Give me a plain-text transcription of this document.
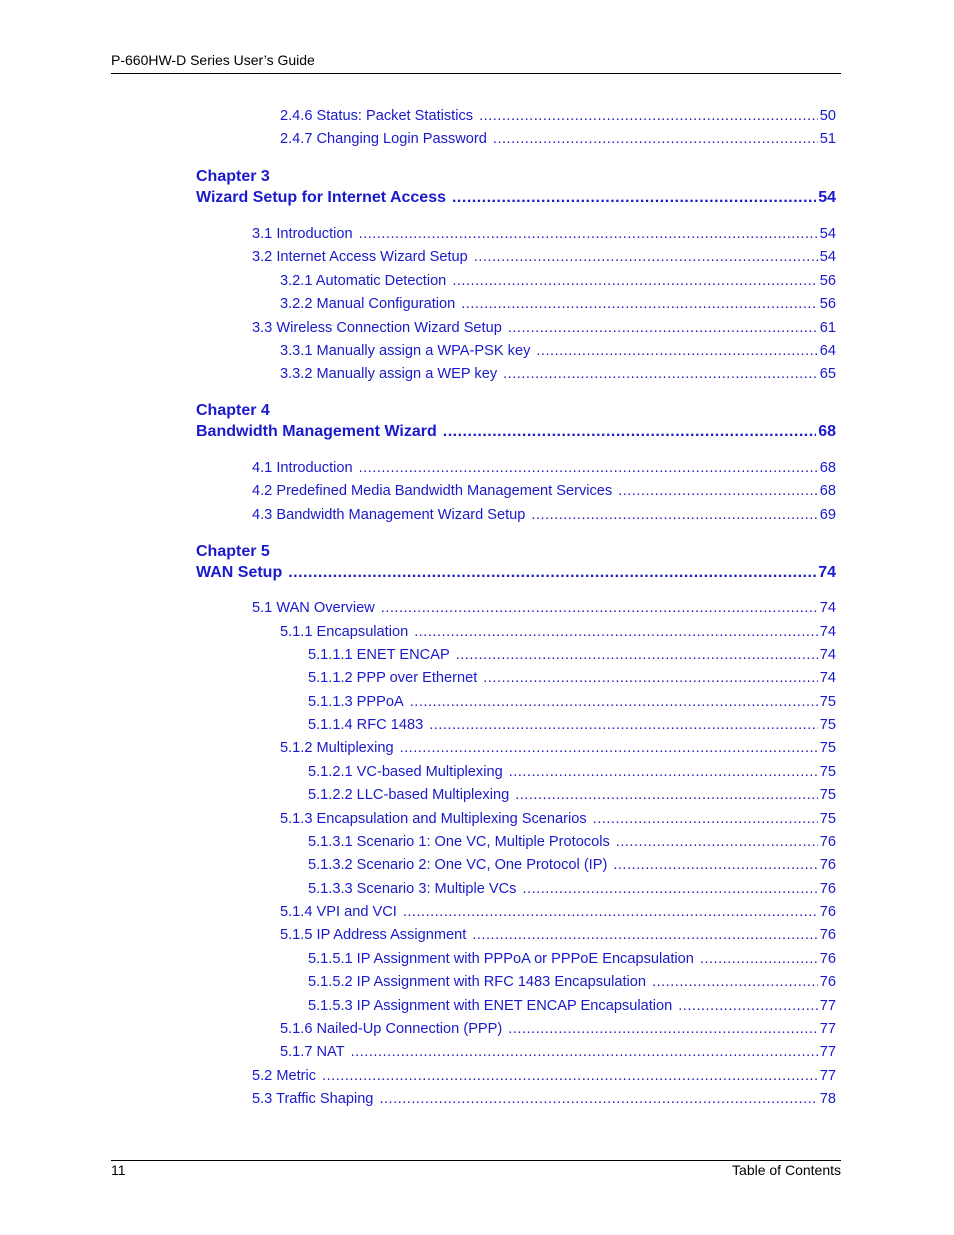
P-660HW-D Series User’s Guide
2.4.6 Status: Packet Statistics .....	50
2.4.7 Changing Login Password .....	51
Chapter 3
Wizard Setup for Internet Access .....	54
3.1 Introduction .....	54
3.2 Internet Access Wizard Setup .....	54
3.2.1 Automatic Detection .....	56
3.2.2 Manual Configuration .....	56
3.3 Wireless Connection Wizard Setup .....	61
3.3.1 Manually assign a WPA-PSK key .....	64
3.3.2 Manually assign a WEP key .....	65
Chapter 4
Bandwidth Management Wizard .....	68
4.1 Introduction .....	68
4.2 Predefined Media Bandwidth Management Services .....	68
4.3 Bandwidth Management Wizard Setup .....	69
Chapter 5
WAN Setup .....	74
5.1 WAN Overview .....	74
5.1.1 Encapsulation .....	74
5.1.1.1 ENET ENCAP .....	74
5.1.1.2 PPP over Ethernet .....	74
5.1.1.3 PPPoA .....	75
5.1.1.4 RFC 1483 .....	75
5.1.2 Multiplexing .....	75
5.1.2.1 VC-based Multiplexing .....	75
5.1.2.2 LLC-based Multiplexing .....	75
5.1.3 Encapsulation and Multiplexing Scenarios .....	75
5.1.3.1 Scenario 1: One VC, Multiple Protocols .....	76
5.1.3.2 Scenario 2: One VC, One Protocol (IP) .....	76
5.1.3.3 Scenario 3: Multiple VCs .....	76
5.1.4 VPI and VCI .....	76
5.1.5 IP Address Assignment .....	76
5.1.5.1 IP Assignment with PPPoA or PPPoE Encapsulation .....	76
5.1.5.2 IP Assignment with RFC 1483 Encapsulation .....	76
5.1.5.3 IP Assignment with ENET ENCAP Encapsulation .....	77
5.1.6 Nailed-Up Connection (PPP) .....	77
5.1.7 NAT .....	77
5.2 Metric .....	77
5.3 Traffic Shaping .....	78
11	Table of Contents
